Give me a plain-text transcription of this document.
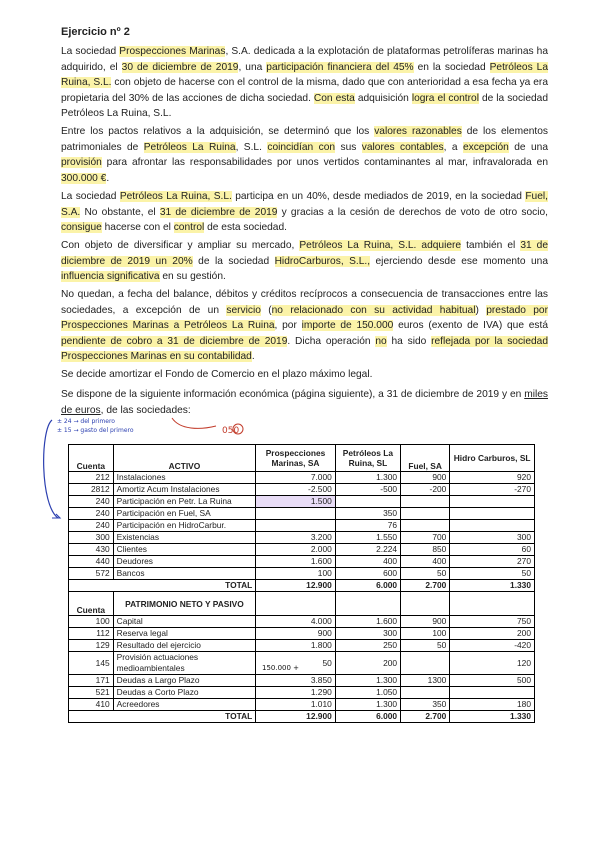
Ejercicio nº 2
La sociedad Prospecciones Marinas, S.A. dedicada a la explotación de plataformas petrolíferas marinas ha adquirido, el 30 de diciembre de 2019, una participación financiera del 45% en la sociedad Petróleos La Ruina, S.L. con objeto de hacerse con el control de la misma, dado que con anterioridad a esa fecha ya era propietaria del 30% de las acciones de dicha sociedad. Con esta adquisición logra el control de la sociedad Petróleos La Ruina, S.L.
Entre los pactos relativos a la adquisición, se determinó que los valores razonables de los elementos patrimoniales de Petróleos La Ruina, S.L. coincidían con sus valores contables, a excepción de una provisión para afrontar las responsabilidades por unos vertidos contaminantes al mar, infravalorada en 300.000 €.
La sociedad Petróleos La Ruina, S.L. participa en un 40%, desde mediados de 2019, en la sociedad Fuel, S.A. No obstante, el 31 de diciembre de 2019 y gracias a la cesión de derechos de voto de otro socio, consigue hacerse con el control de esta sociedad.
Con objeto de diversificar y ampliar su mercado, Petróleos La Ruina, S.L. adquiere también el 31 de diciembre de 2019 un 20% de la sociedad HidroCarburos, S.L., ejerciendo desde ese momento una influencia significativa en su gestión.
No quedan, a fecha del balance, débitos y créditos recíprocos a consecuencia de transacciones entre las sociedades, a excepción de un servicio (no relacionado con su actividad habitual) prestado por Prospecciones Marinas a Petróleos La Ruina, por importe de 150.000 euros (exento de IVA) que está pendiente de cobro a 31 de diciembre de 2019. Dicha operación no ha sido reflejada por la sociedad Prospecciones Marinas en su contabilidad.
Se decide amortizar el Fondo de Comercio en el plazo máximo legal.
Se dispone de la siguiente información económica (página siguiente), a 31 de diciembre de 2019 y en miles de euros, de las sociedades:
± 24 → del primero
± 15 → gasto del primero	050
150.000 +
Cuenta	ACTIVO	Prospecciones Marinas, SA	Petróleos La Ruina, SL	Fuel, SA	Hidro Carburos, SL
212	Instalaciones	7.000	1.300	900	920
2812	Amortiz Acum Instalaciones	-2.500	-500	-200	-270
240	Participación en Petr. La Ruina	1.500			
240	Participación en Fuel, SA		350		
240	Participación en HidroCarbur.		76		
300	Existencias	3.200	1.550	700	300
430	Clientes	2.000	2.224	850	60
440	Deudores	1.600	400	400	270
572	Bancos	100	600	50	50
	TOTAL	12.900	6.000	2.700	1.330
Cuenta	PATRIMONIO NETO Y PASIVO				
100	Capital	4.000	1.600	900	750
112	Reserva legal	900	300	100	200
129	Resultado del ejercicio	1.800	250	50	-420
145	Provisión actuaciones medioambientales	50	200		120
171	Deudas a Largo Plazo	3.850	1.300	1300	500
521	Deudas a Corto Plazo	1.290	1.050		
410	Acreedores	1.010	1.300	350	180
	TOTAL	12.900	6.000	2.700	1.330
